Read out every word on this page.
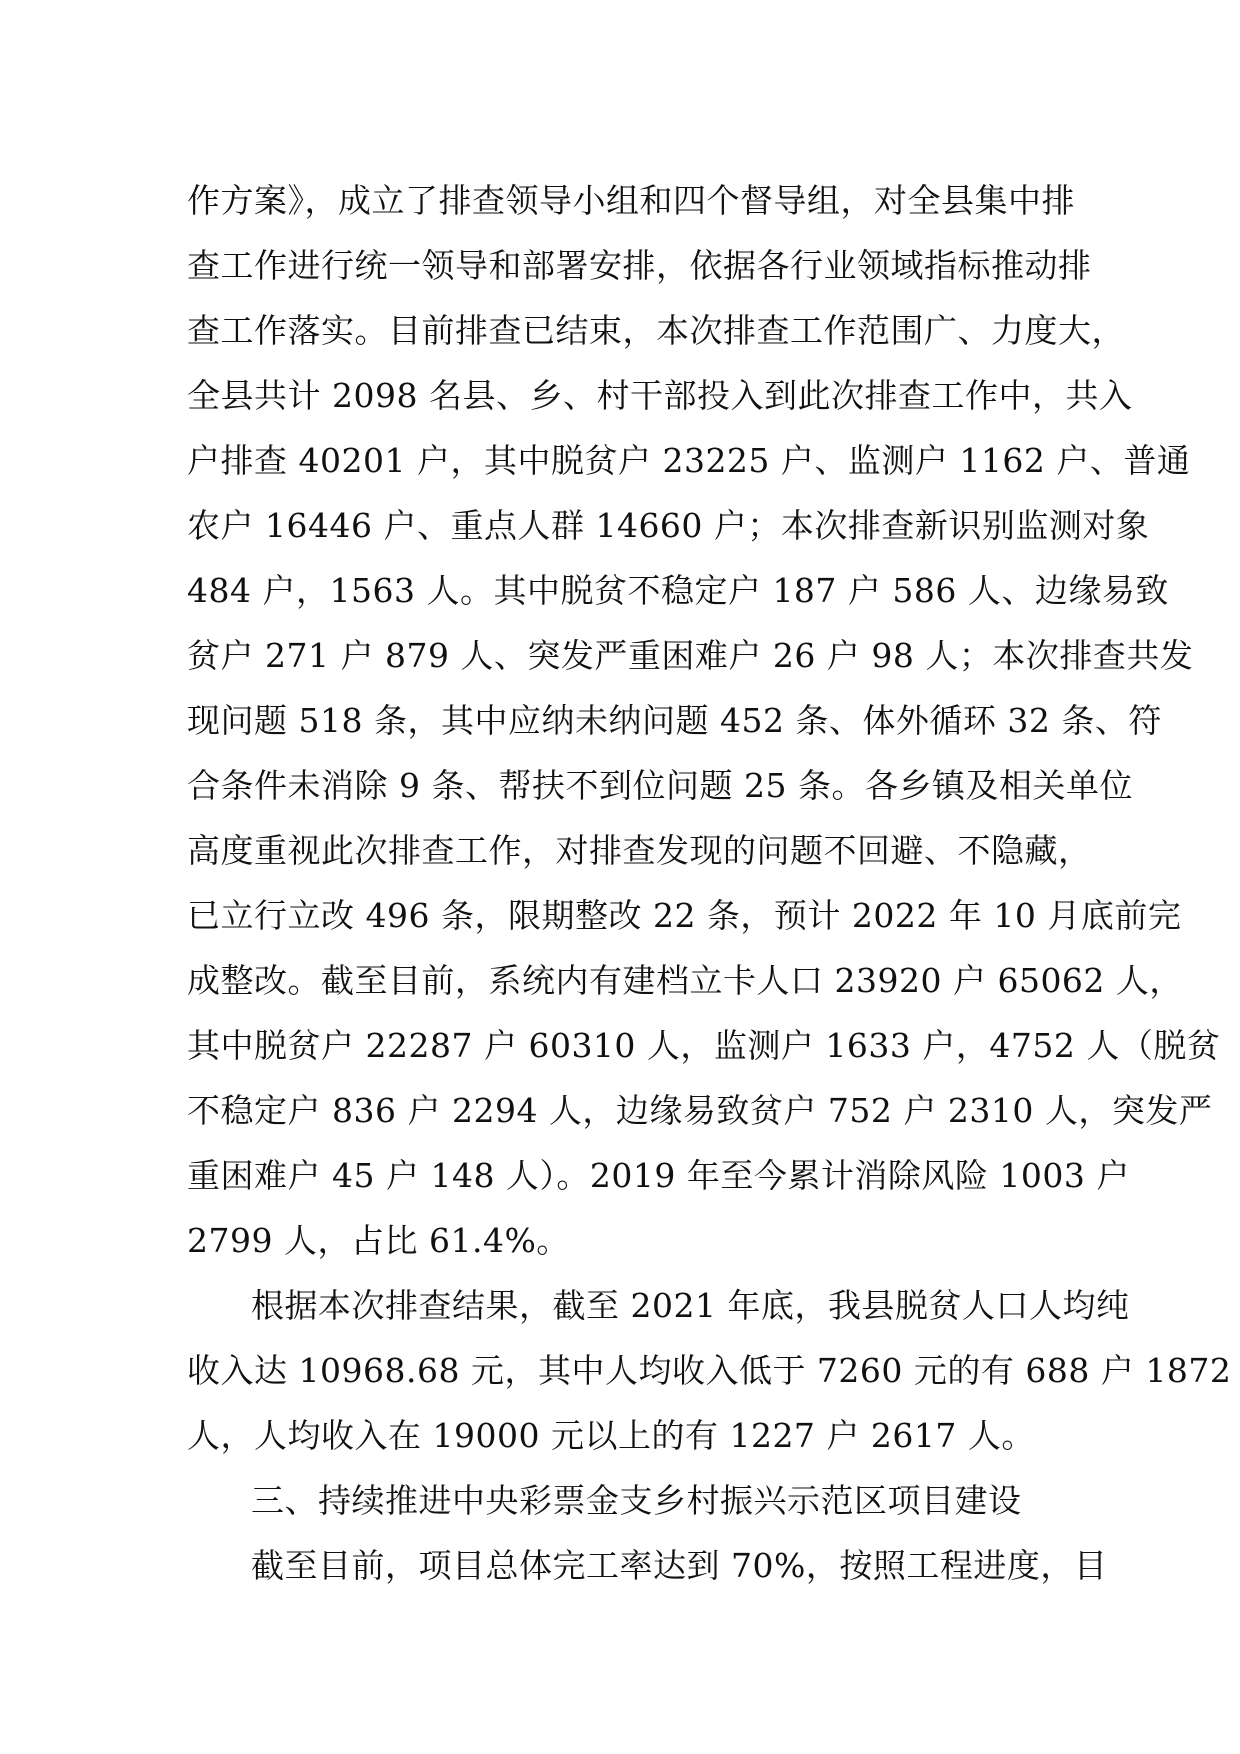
作方案》，成立了排查领导小组和四个督导组，对全县集中排
查工作进行统一领导和部署安排，依据各行业领域指标推动排
查工作落实。目前排查已结束，本次排查工作范围广、力度大，
全县共计 2098 名县、乡、村干部投入到此次排查工作中，共入
户排查 40201 户，其中脱贫户 23225 户、监测户 1162 户、普通
农户 16446 户、重点人群 14660 户；本次排查新识别监测对象
484 户，1563 人。其中脱贫不稳定户 187 户 586 人、边缘易致
贫户 271 户 879 人、突发严重困难户 26 户 98 人；本次排查共发
现问题 518 条，其中应纳未纳问题 452 条、体外循环 32 条、符
合条件未消除 9 条、帮扶不到位问题 25 条。各乡镇及相关单位
高度重视此次排查工作，对排查发现的问题不回避、不隐藏，
已立行立改 496 条，限期整改 22 条，预计 2022 年 10 月底前完
成整改。截至目前，系统内有建档立卡人口 23920 户 65062 人，
其中脱贫户 22287 户 60310 人，监测户 1633 户，4752 人（脱贫
不稳定户 836 户 2294 人，边缘易致贫户 752 户 2310 人，突发严
重困难户 45 户 148 人）。2019 年至今累计消除风险 1003 户
2799 人，占比 61.4%。
根据本次排查结果，截至 2021 年底，我县脱贫人口人均纯
收入达 10968.68 元，其中人均收入低于 7260 元的有 688 户 1872
人，人均收入在 19000 元以上的有 1227 户 2617 人。
三、持续推进中央彩票金支乡村振兴示范区项目建设
截至目前，项目总体完工率达到 70%，按照工程进度，目
